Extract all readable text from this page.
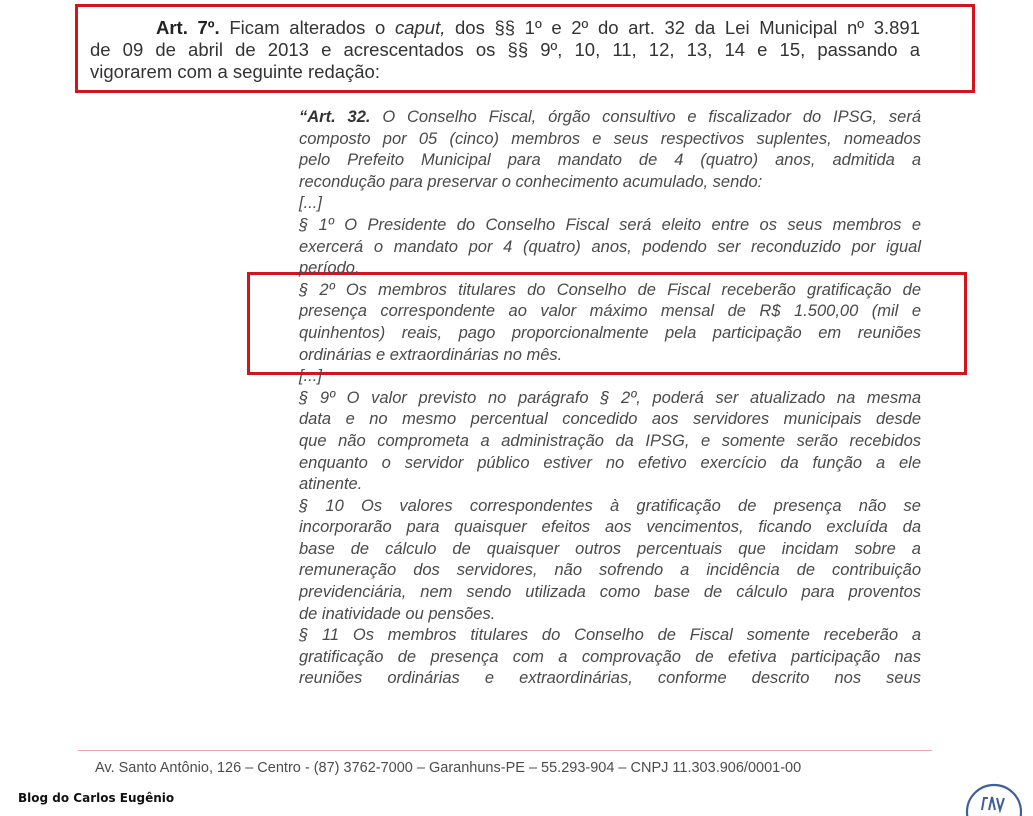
Art. 7º. Ficam alterados o caput, dos §§ 1º e 2º do art. 32 da Lei Municipal nº 3.891
de 09 de abril de 2013 e acrescentados os §§ 9º, 10, 11, 12, 13, 14 e 15, passando a
vigorarem com a seguinte redação:

“Art. 32. O Conselho Fiscal, órgão consultivo e fiscalizador do IPSG, será
composto por 05 (cinco) membros e seus respectivos suplentes, nomeados
pelo Prefeito Municipal para mandato de 4 (quatro) anos, admitida a
recondução para preservar o conhecimento acumulado, sendo:
[...]
§ 1º O Presidente do Conselho Fiscal será eleito entre os seus membros e
exercerá o mandato por 4 (quatro) anos, podendo ser reconduzido por igual
período.
§ 2º Os membros titulares do Conselho de Fiscal receberão gratificação de
presença correspondente ao valor máximo mensal de R$ 1.500,00 (mil e
quinhentos) reais, pago proporcionalmente pela participação em reuniões
ordinárias e extraordinárias no mês.
[...]
§ 9º O valor previsto no parágrafo § 2º, poderá ser atualizado na mesma
data e no mesmo percentual concedido aos servidores municipais desde
que não comprometa a administração da IPSG, e somente serão recebidos
enquanto o servidor público estiver no efetivo exercício da função a ele
atinente.
§ 10 Os valores correspondentes à gratificação de presença não se
incorporarão para quaisquer efeitos aos vencimentos, ficando excluída da
base de cálculo de quaisquer outros percentuais que incidam sobre a
remuneração dos servidores, não sofrendo a incidência de contribuição
previdenciária, nem sendo utilizada como base de cálculo para proventos
de inatividade ou pensões.
§ 11 Os membros titulares do Conselho de Fiscal somente receberão a
gratificação de presença com a comprovação de efetiva participação nas
reuniões ordinárias e extraordinárias, conforme descrito nos seus

Av. Santo Antônio, 126 – Centro - (87) 3762-7000 – Garanhuns-PE – 55.293-904 – CNPJ 11.303.906/0001-00

Blog do Carlos Eugênio
